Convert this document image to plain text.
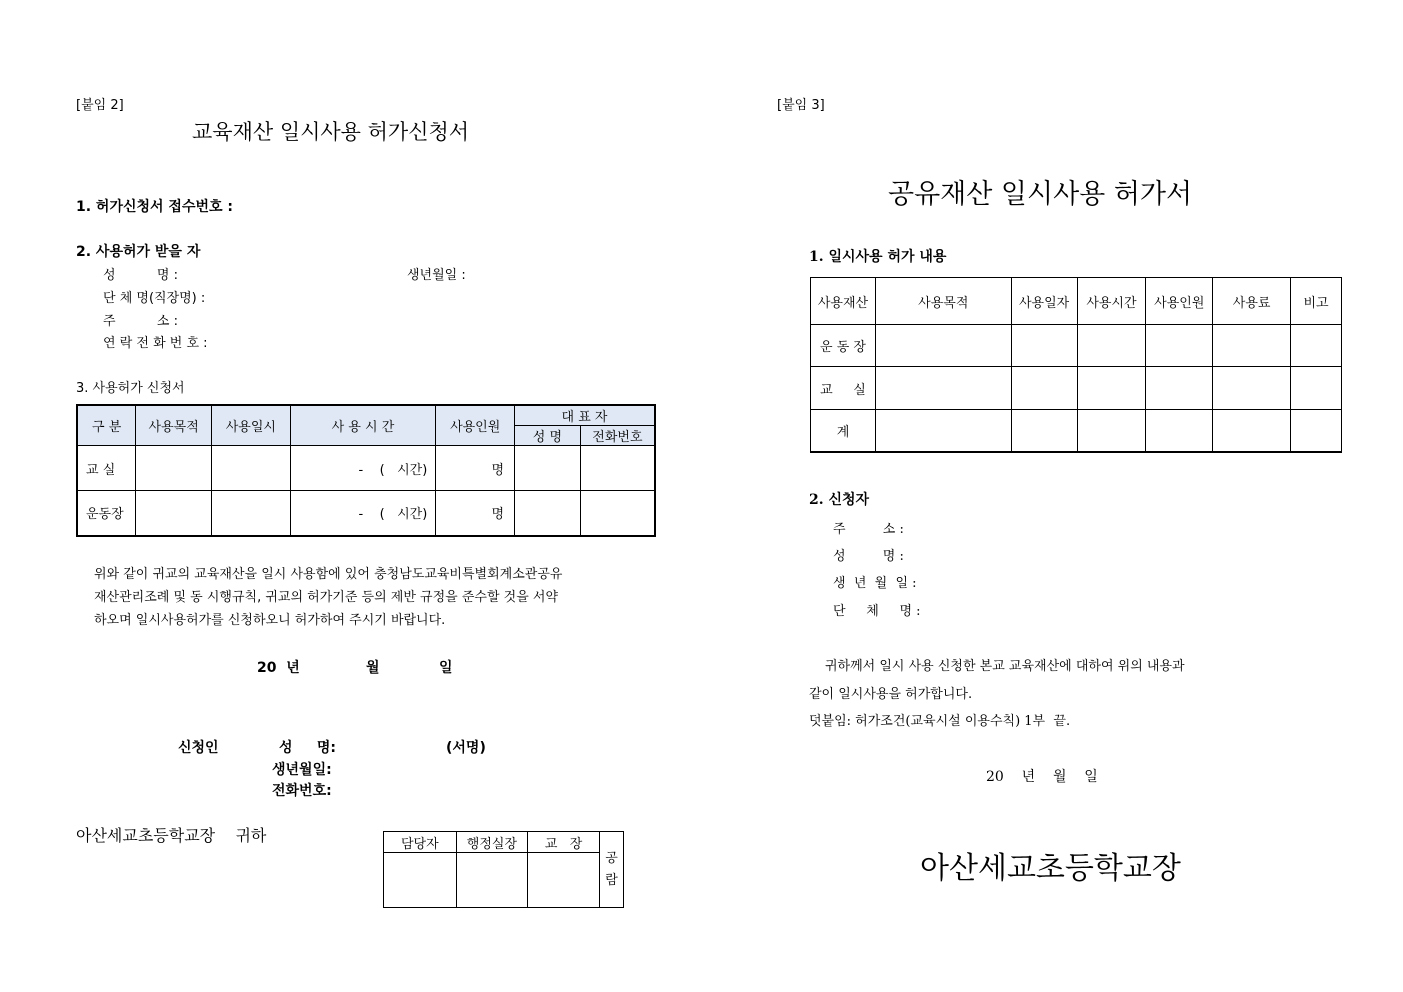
[붙임 2]
교육재산 일시사용 허가신청서
1. 허가신청서 접수번호 :
2. 사용허가 받을 자
성          명 :	생년월일 :
단 체 명(직장명) :
주          소 :
연 락 전 화 번 호 :
3. 사용허가 신청서
구 분	사용목적	사용일시	사 용 시 간	사용인원	대 표 자	
					성 명	전화번호
교 실			-    (   시간)	명		
운동장			-    (   시간)	명		
위와 같이 귀교의 교육재산을 일시 사용함에 있어 충청남도교육비특별회계소관공유
재산관리조례 및 동 시행규칙, 귀교의 허가기준 등의 제반 규정을 준수할 것을 서약
하오며 일시사용허가를 신청하오니 허가하여 주시기 바랍니다.
20  년	월	일
신청인	성     명:	(서명)
생년월일:
전화번호:
아산세교초등학교장    귀하	담당자	행정실장	교   장	공람

[붙임 3]
공유재산 일시사용 허가서
1. 일시사용 허가 내용
사용재산	사용목적	사용일자	사용시간	사용인원	사용료	비고
운 동 장						
교     실						
계						
2. 신청자
주         소 :
성         명 :
생  년  월  일 :
단     체     명 :
귀하께서 일시 사용 신청한 본교 교육재산에 대하여 위의 내용과
같이 일시사용을 허가합니다.
덧붙임: 허가조건(교육시설 이용수칙) 1부  끝.
20    년    월    일
아산세교초등학교장
